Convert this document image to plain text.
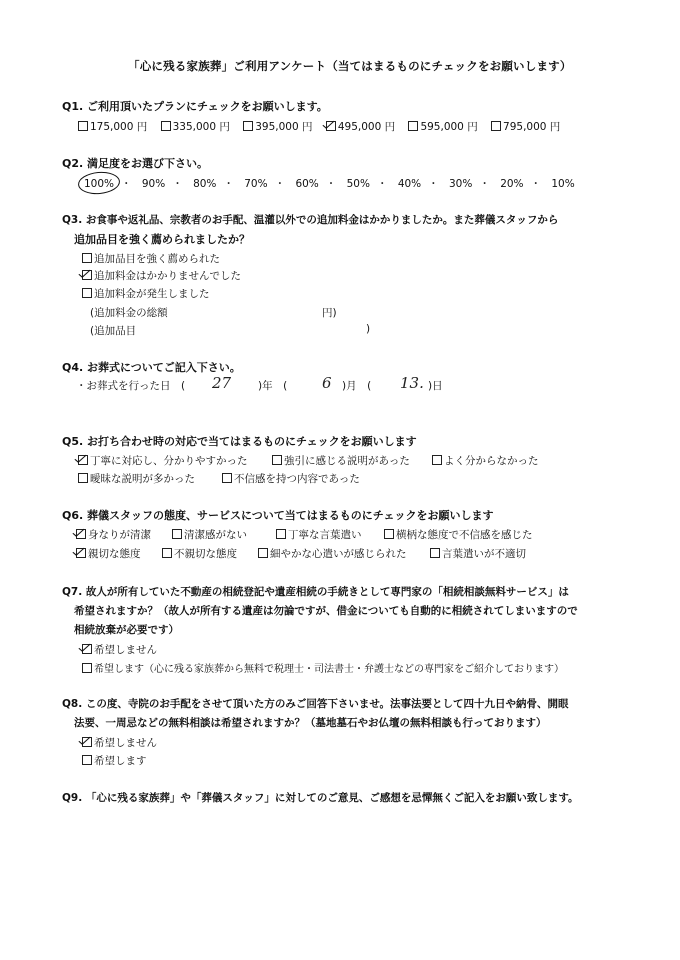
「心に残る家族葬」ご利用アンケート（当てはまるものにチェックをお願いします）
Q1. ご利用頂いたプランにチェックをお願いします。
175,000 円 335,000 円 395,000 円 495,000 円 595,000 円 795,000 円
Q2. 満足度をお選び下さい。
100% ・ 90% ・ 80% ・ 70% ・ 60% ・ 50% ・ 40% ・ 30% ・ 20% ・ 10%
Q3. お食事や返礼品、宗教者のお手配、温灌以外での追加料金はかかりましたか。また葬儀スタッフから
追加品目を強く薦められましたか？
追加品目を強く薦められた
追加料金はかかりませんでした
追加料金が発生しました
(追加料金の総額	円)
(追加品目	)
Q4. お葬式についてご記入下さい。
・お葬式を行った日　( 27	)年　( 6 )月　( 13. )日
Q5. お打ち合わせ時の対応で当てはまるものにチェックをお願いします
丁寧に対応し、分かりやすかった	強引に感じる説明があった	よく分からなかった
曖昧な説明が多かった	不信感を持つ内容であった
Q6. 葬儀スタッフの態度、サービスについて当てはまるものにチェックをお願いします
身なりが清潔	清潔感がない	丁寧な言葉遣い	横柄な態度で不信感を感じた
親切な態度	不親切な態度	細やかな心遣いが感じられた	言葉遣いが不適切
Q7. 故人が所有していた不動産の相続登記や遺産相続の手続きとして専門家の「相続相談無料サービス」は
希望されますか？（故人が所有する遺産は勿論ですが、借金についても自動的に相続されてしまいますので
相続放棄が必要です）
希望しません
希望します（心に残る家族葬から無料で税理士・司法書士・弁護士などの専門家をご紹介しております）
Q8. この度、寺院のお手配をさせて頂いた方のみご回答下さいませ。法事法要として四十九日や納骨、開眼
法要、一周忌などの無料相談は希望されますか？（墓地墓石やお仏壇の無料相談も行っております）
希望しません
希望します
Q9. 「心に残る家族葬」や「葬儀スタッフ」に対してのご意見、ご感想を忌憚無くご記入をお願い致します。
